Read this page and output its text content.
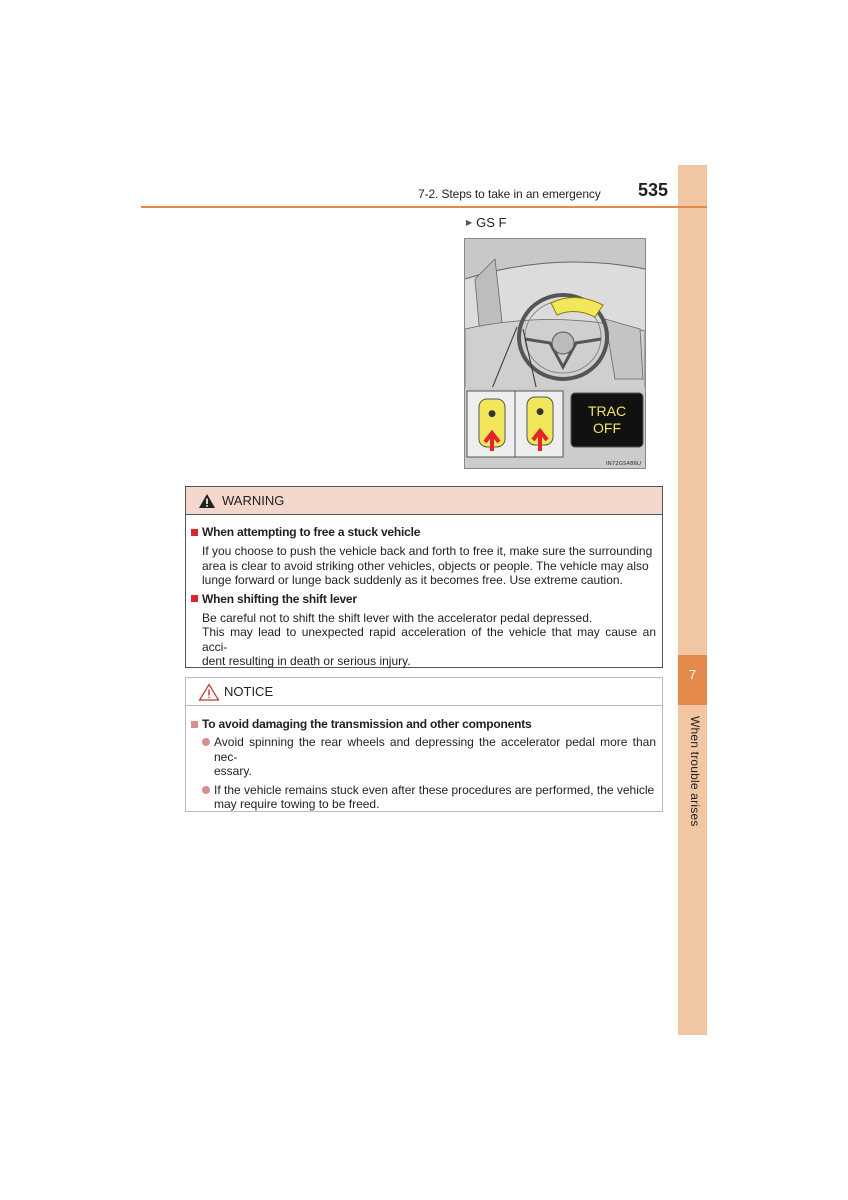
7
When trouble arises
7-2. Steps to take in an emergency 535
▶ GS F
●	●	TRAC
OFF
IN72GS486U
WARNING
When attempting to free a stuck vehicle
If you choose to push the vehicle back and forth to free it, make sure the surrounding
area is clear to avoid striking other vehicles, objects or people. The vehicle may also
lunge forward or lunge back suddenly as it becomes free. Use extreme caution.
When shifting the shift lever
Be careful not to shift the shift lever with the accelerator pedal depressed.
This may lead to unexpected rapid acceleration of the vehicle that may cause an acci-
dent resulting in death or serious injury.
NOTICE
To avoid damaging the transmission and other components
Avoid spinning the rear wheels and depressing the accelerator pedal more than nec-
essary.
If the vehicle remains stuck even after these procedures are performed, the vehicle
may require towing to be freed.
